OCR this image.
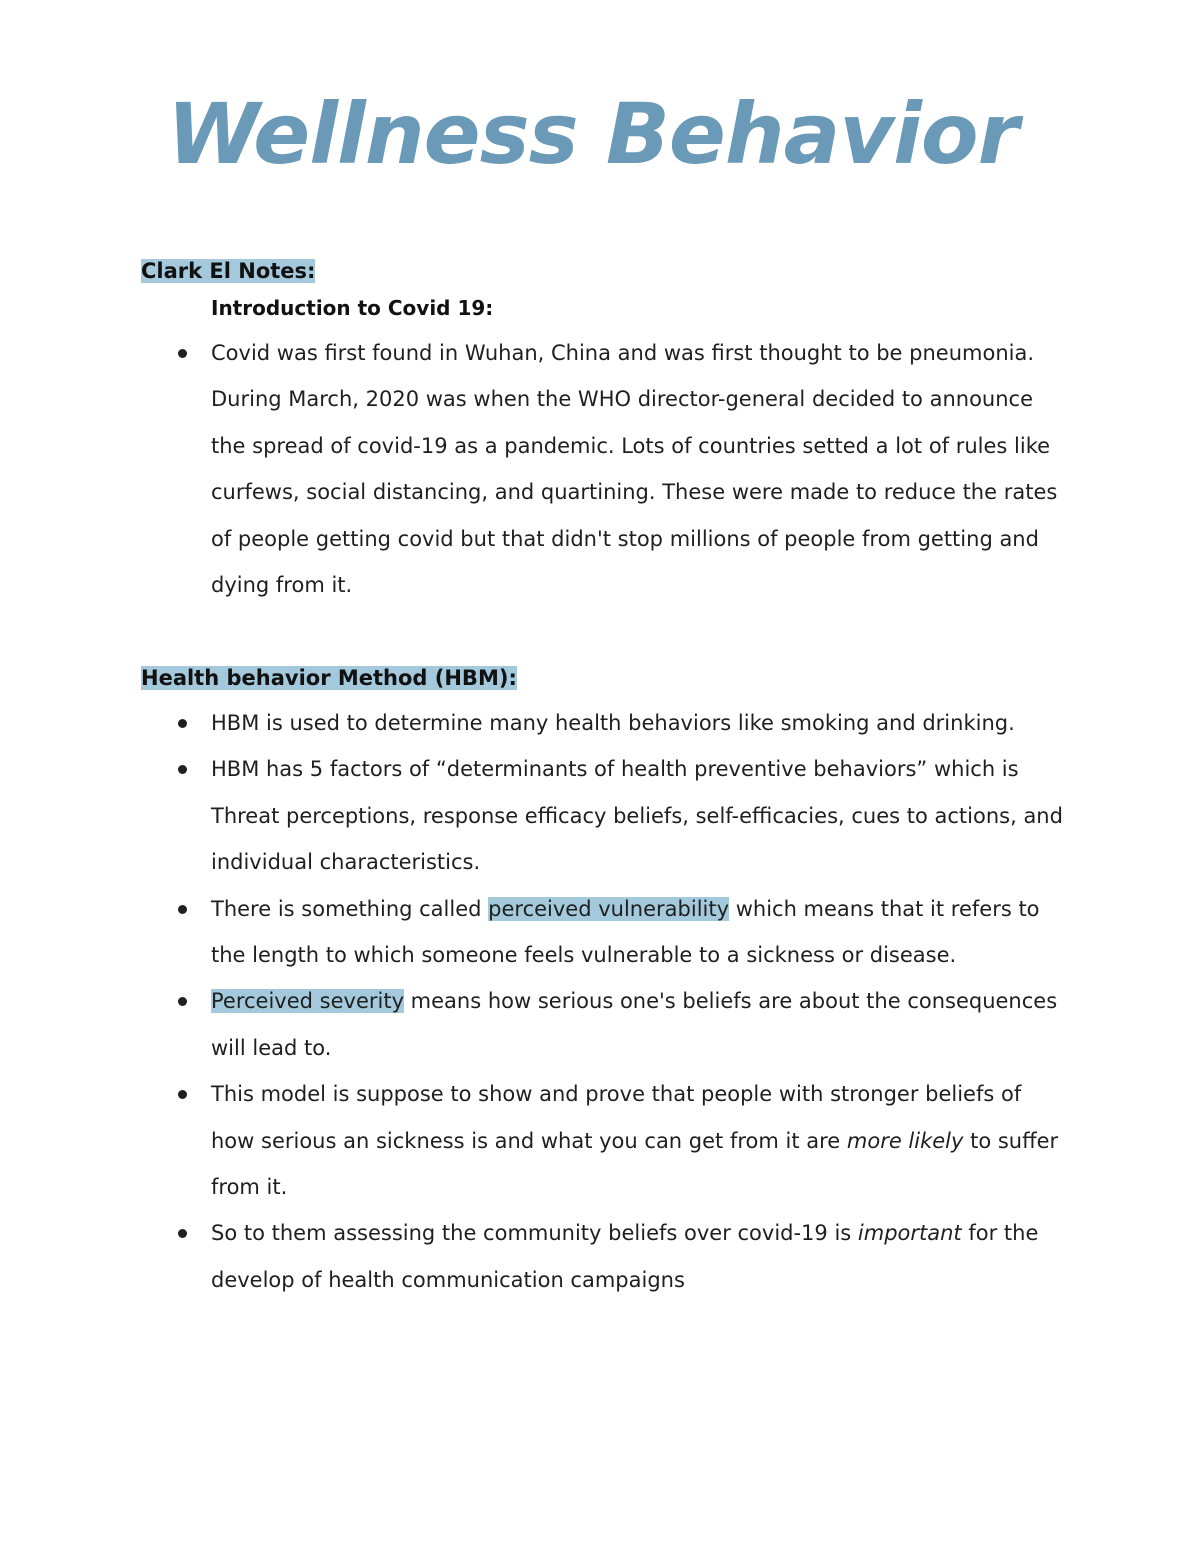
Wellness Behavior
Clark El Notes:
Introduction to Covid 19:
Covid was first found in Wuhan, China and was first thought to be pneumonia. During March, 2020 was when the WHO director-general decided to announce the spread of covid-19 as a pandemic. Lots of countries setted a lot of rules like curfews, social distancing, and quartining. These were made to reduce the rates of people getting covid but that didn't stop millions of people from getting and dying from it.
Health behavior Method (HBM):
HBM is used to determine many health behaviors like smoking and drinking.
HBM has 5 factors of “determinants of health preventive behaviors” which is Threat perceptions, response efficacy beliefs, self-efficacies, cues to actions, and individual characteristics.
There is something called perceived vulnerability which means that it refers to the length to which someone feels vulnerable to a sickness or disease.
Perceived severity means how serious one's beliefs are about the consequences will lead to.
This model is suppose to show and prove that people with stronger beliefs of how serious an sickness is and what you can get from it are more likely to suffer from it.
So to them assessing the community beliefs over covid-19 is important for the develop of health communication campaigns
